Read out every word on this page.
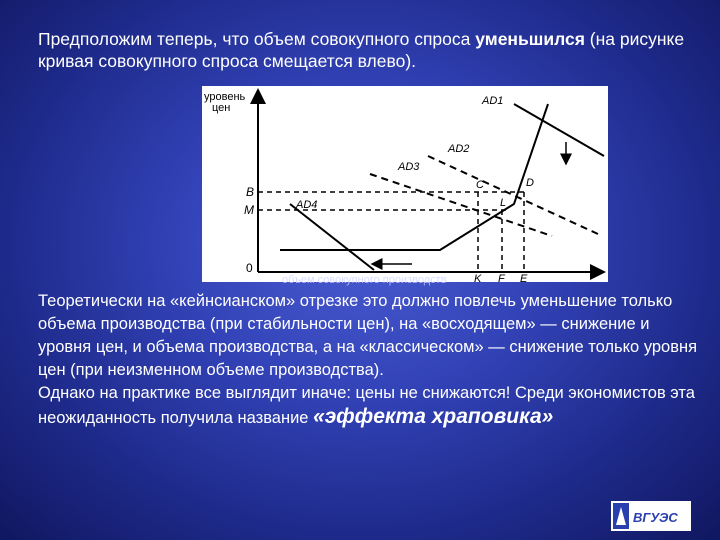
Предположим теперь, что объем совокупного спроса уменьшился (на рисунке кривая совокупного спроса смещается влево).
уровень
цен
0
B
M
K F E
AD1
AD2
AD3
AD4
C	D
L
объем совокупного производств
Теоретически на «кейнсианском» отрезке это должно повлечь уменьшение только объема производства (при стабильности цен), на «восходящем» — снижение и уровня цен, и объема производства, а на «классическом» — снижение только уровня цен (при неизменном объеме производства).
Однако на практике все выглядит иначе: цены не снижаются! Среди экономистов эта неожиданность получила название «эффекта храповика»
ВГУЭС
